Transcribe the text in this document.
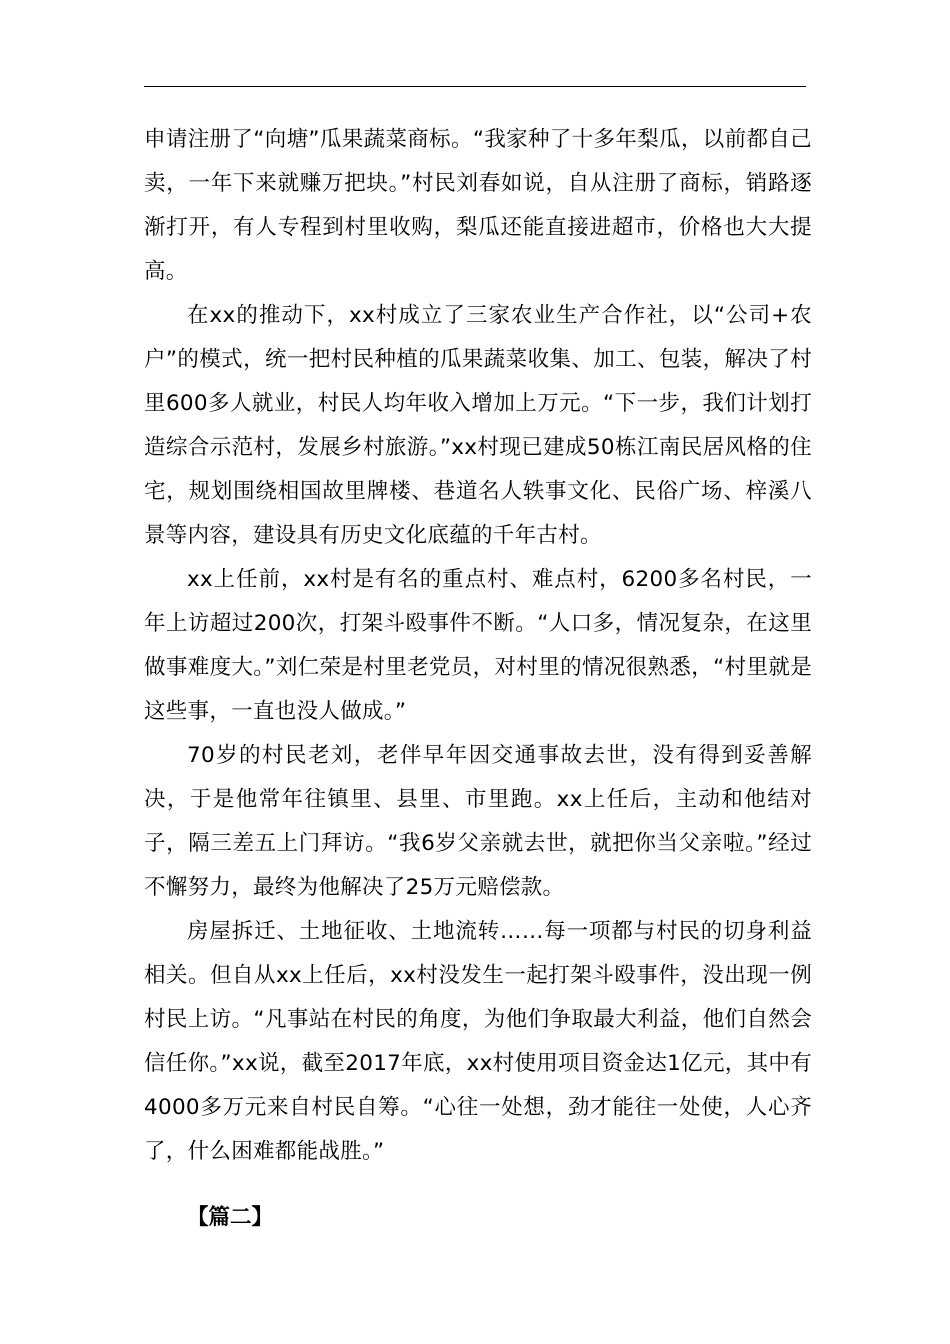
申请注册了“向塘”瓜果蔬菜商标。“我家种了十多年梨瓜，以前都自己卖，一年下来就赚万把块。”村民刘春如说，自从注册了商标，销路逐渐打开，有人专程到村里收购，梨瓜还能直接进超市，价格也大大提高。

在xx的推动下，xx村成立了三家农业生产合作社，以“公司+农户”的模式，统一把村民种植的瓜果蔬菜收集、加工、包装，解决了村里600多人就业，村民人均年收入增加上万元。“下一步，我们计划打造综合示范村，发展乡村旅游。”xx村现已建成50栋江南民居风格的住宅，规划围绕相国故里牌楼、巷道名人轶事文化、民俗广场、梓溪八景等内容，建设具有历史文化底蕴的千年古村。

xx上任前，xx村是有名的重点村、难点村，6200多名村民，一年上访超过200次，打架斗殴事件不断。“人口多，情况复杂，在这里做事难度大。”刘仁荣是村里老党员，对村里的情况很熟悉，“村里就是这些事，一直也没人做成。”

70岁的村民老刘，老伴早年因交通事故去世，没有得到妥善解决，于是他常年往镇里、县里、市里跑。xx上任后，主动和他结对子，隔三差五上门拜访。“我6岁父亲就去世，就把你当父亲啦。”经过不懈努力，最终为他解决了25万元赔偿款。

房屋拆迁、土地征收、土地流转……每一项都与村民的切身利益相关。但自从xx上任后，xx村没发生一起打架斗殴事件，没出现一例村民上访。“凡事站在村民的角度，为他们争取最大利益，他们自然会信任你。”xx说，截至2017年底，xx村使用项目资金达1亿元，其中有4000多万元来自村民自筹。“心往一处想，劲才能往一处使，人心齐了，什么困难都能战胜。”

【篇二】
